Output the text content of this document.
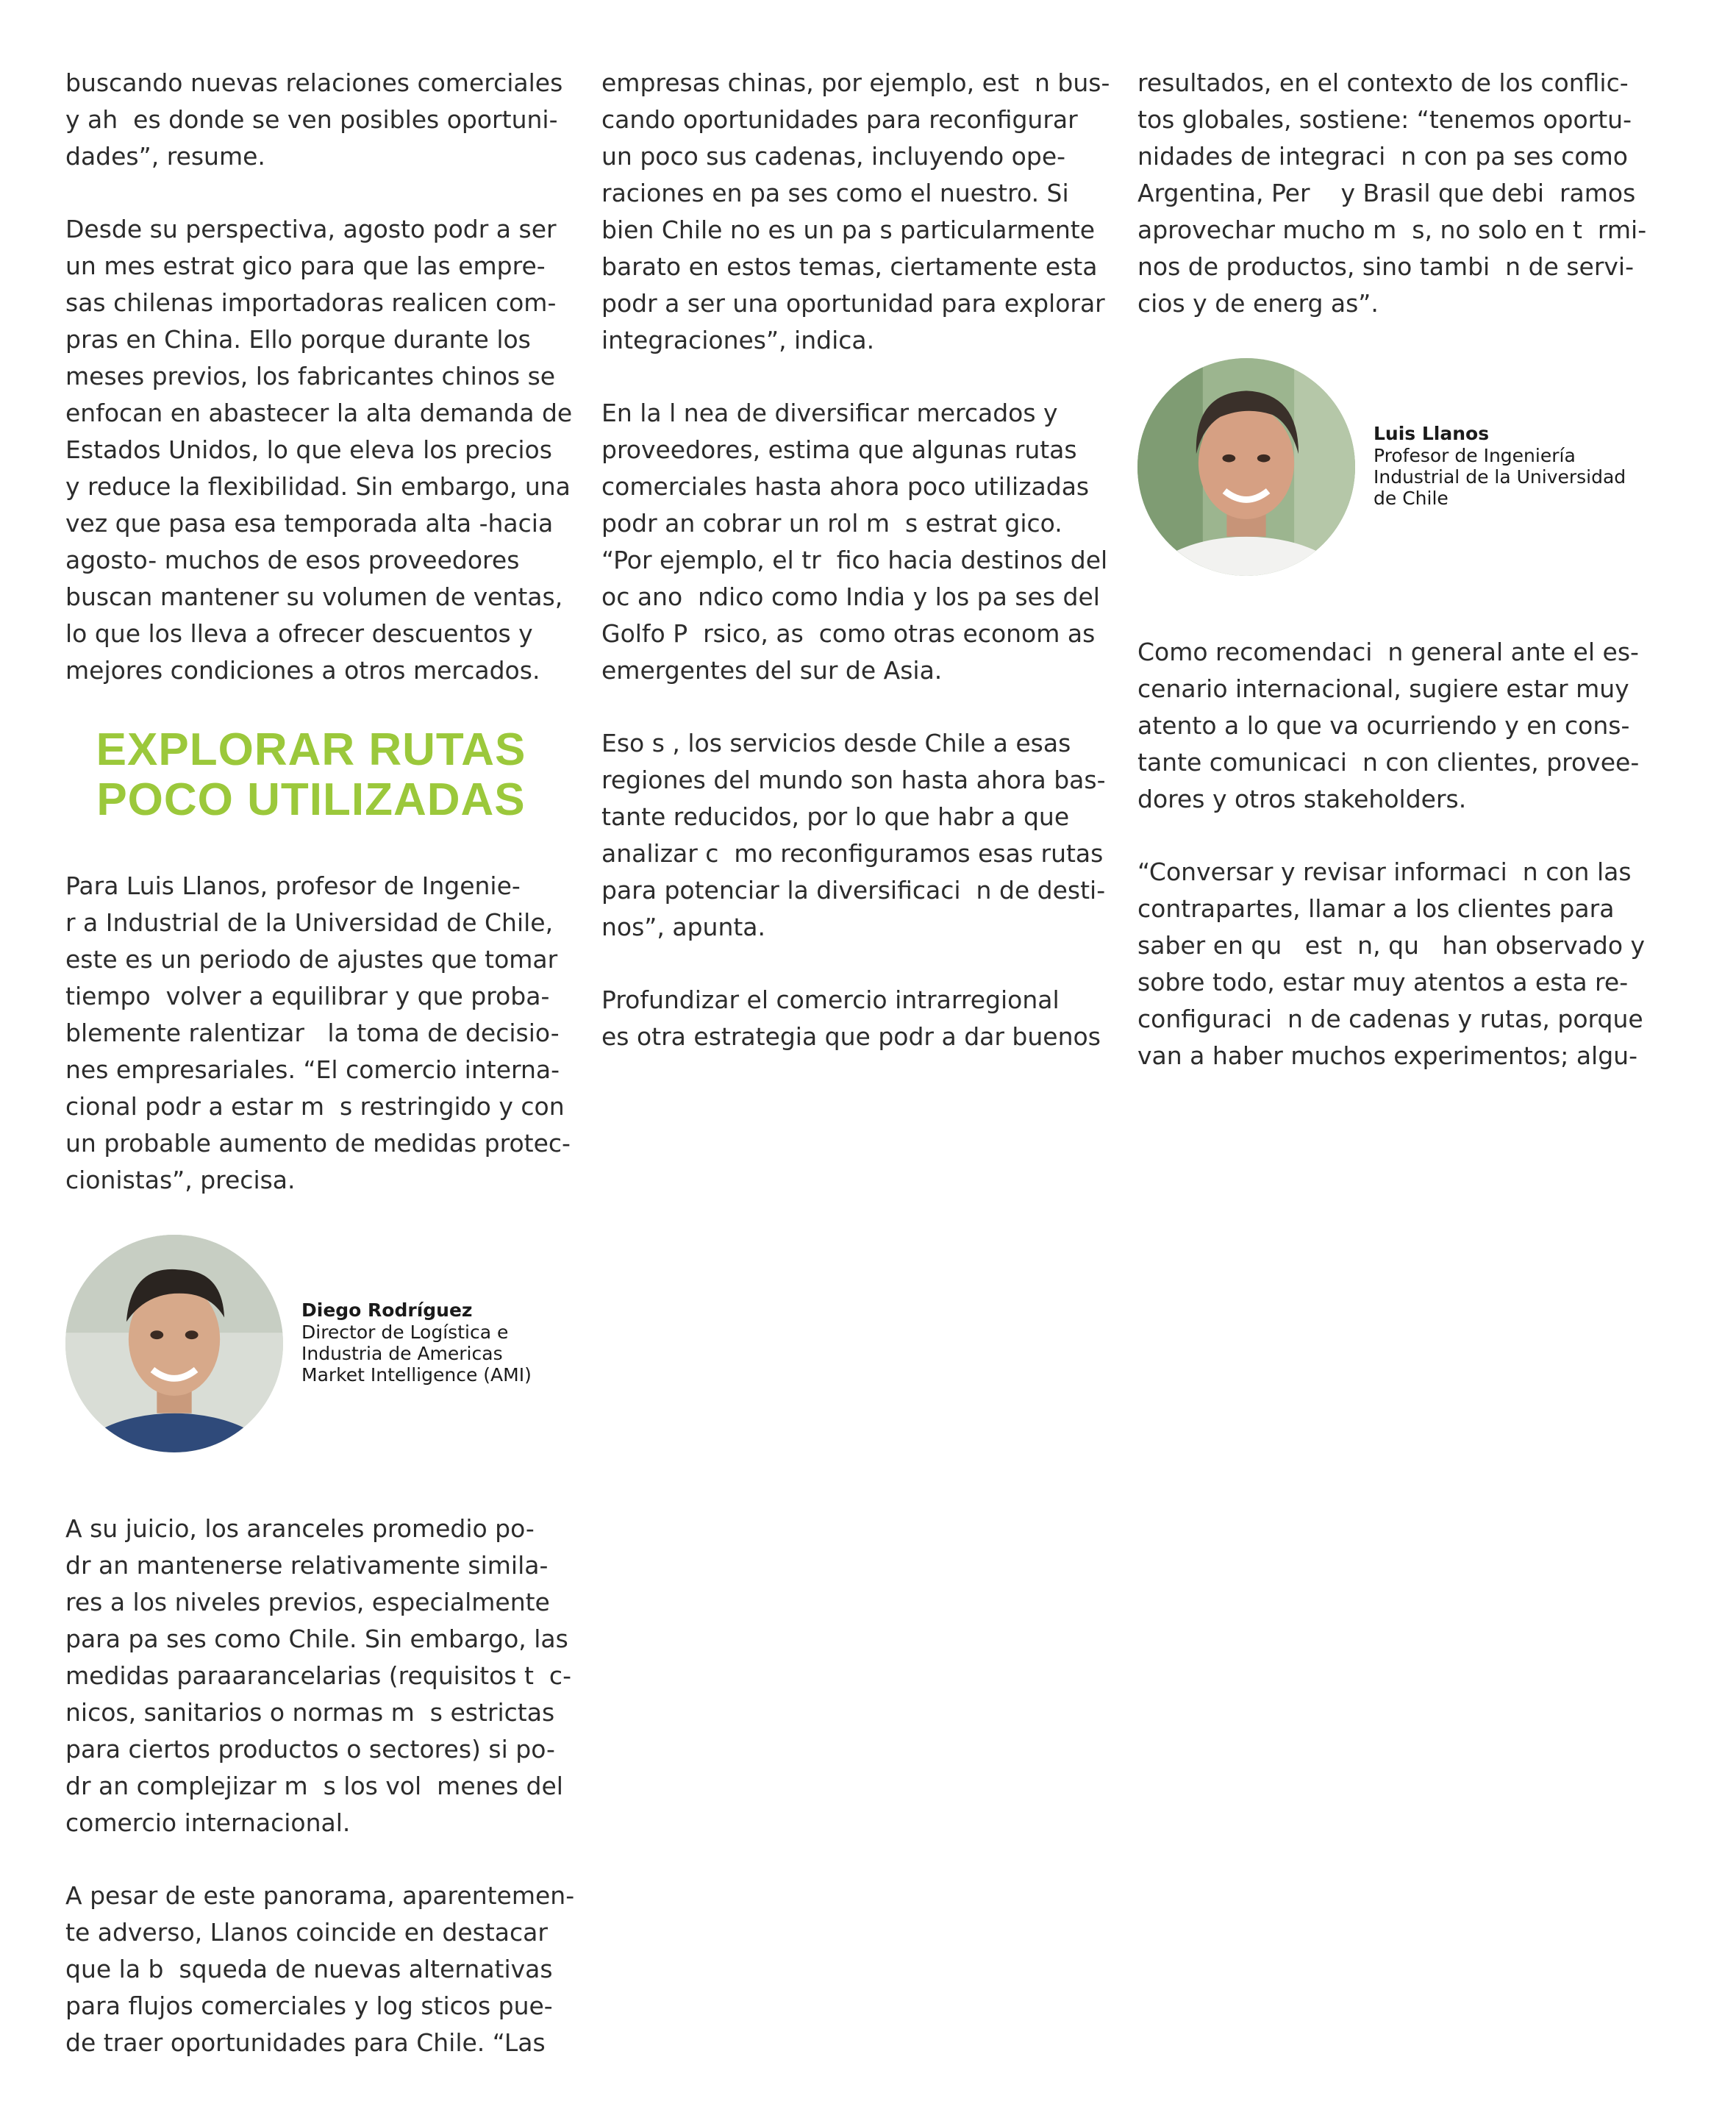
buscando nuevas relaciones comerciales
y ah  es donde se ven posibles oportuni-
dades”, resume.

Desde su perspectiva, agosto podr a ser
un mes estrat gico para que las empre-
sas chilenas importadoras realicen com-
pras en China. Ello porque durante los
meses previos, los fabricantes chinos se
enfocan en abastecer la alta demanda de
Estados Unidos, lo que eleva los precios
y reduce la flexibilidad. Sin embargo, una
vez que pasa esa temporada alta -hacia
agosto- muchos de esos proveedores
buscan mantener su volumen de ventas,
lo que los lleva a ofrecer descuentos y
mejores condiciones a otros mercados.

EXPLORAR RUTAS
POCO UTILIZADAS

Para Luis Llanos, profesor de Ingenie-
r a Industrial de la Universidad de Chile,
este es un periodo de ajustes que tomar
tiempo  volver a equilibrar y que proba-
blemente ralentizar   la toma de decisio-
nes empresariales. “El comercio interna-
cional podr a estar m  s restringido y con
un probable aumento de medidas protec-
cionistas”, precisa.

Diego Rodríguez
Director de Logística e
Industria de Americas
Market Intelligence (AMI)

A su juicio, los aranceles promedio po-
dr an mantenerse relativamente simila-
res a los niveles previos, especialmente
para pa ses como Chile. Sin embargo, las
medidas paraarancelarias (requisitos t  c-
nicos, sanitarios o normas m  s estrictas
para ciertos productos o sectores) si po-
dr an complejizar m  s los vol  menes del
comercio internacional.

A pesar de este panorama, aparentemen-
te adverso, Llanos coincide en destacar
que la b  squeda de nuevas alternativas
para flujos comerciales y log sticos pue-
de traer oportunidades para Chile. “Las

empresas chinas, por ejemplo, est  n bus-
cando oportunidades para reconfigurar
un poco sus cadenas, incluyendo ope-
raciones en pa ses como el nuestro. Si
bien Chile no es un pa s particularmente
barato en estos temas, ciertamente esta
podr a ser una oportunidad para explorar
integraciones”, indica.

En la l nea de diversificar mercados y
proveedores, estima que algunas rutas
comerciales hasta ahora poco utilizadas
podr an cobrar un rol m  s estrat gico.
“Por ejemplo, el tr  fico hacia destinos del
oc ano  ndico como India y los pa ses del
Golfo P  rsico, as  como otras econom as
emergentes del sur de Asia.

Eso s , los servicios desde Chile a esas
regiones del mundo son hasta ahora bas-
tante reducidos, por lo que habr a que
analizar c  mo reconfiguramos esas rutas
para potenciar la diversificaci  n de desti-
nos”, apunta.

Profundizar el comercio intrarregional
es otra estrategia que podr a dar buenos

resultados, en el contexto de los conflic-
tos globales, sostiene: “tenemos oportu-
nidades de integraci  n con pa ses como
Argentina, Per    y Brasil que debi  ramos
aprovechar mucho m  s, no solo en t  rmi-
nos de productos, sino tambi  n de servi-
cios y de energ as”.

Luis Llanos
Profesor de Ingeniería
Industrial de la Universidad
de Chile

Como recomendaci  n general ante el es-
cenario internacional, sugiere estar muy
atento a lo que va ocurriendo y en cons-
tante comunicaci  n con clientes, provee-
dores y otros stakeholders.

“Conversar y revisar informaci  n con las
contrapartes, llamar a los clientes para
saber en qu   est  n, qu   han observado y
sobre todo, estar muy atentos a esta re-
configuraci  n de cadenas y rutas, porque
van a haber muchos experimentos; algu-
